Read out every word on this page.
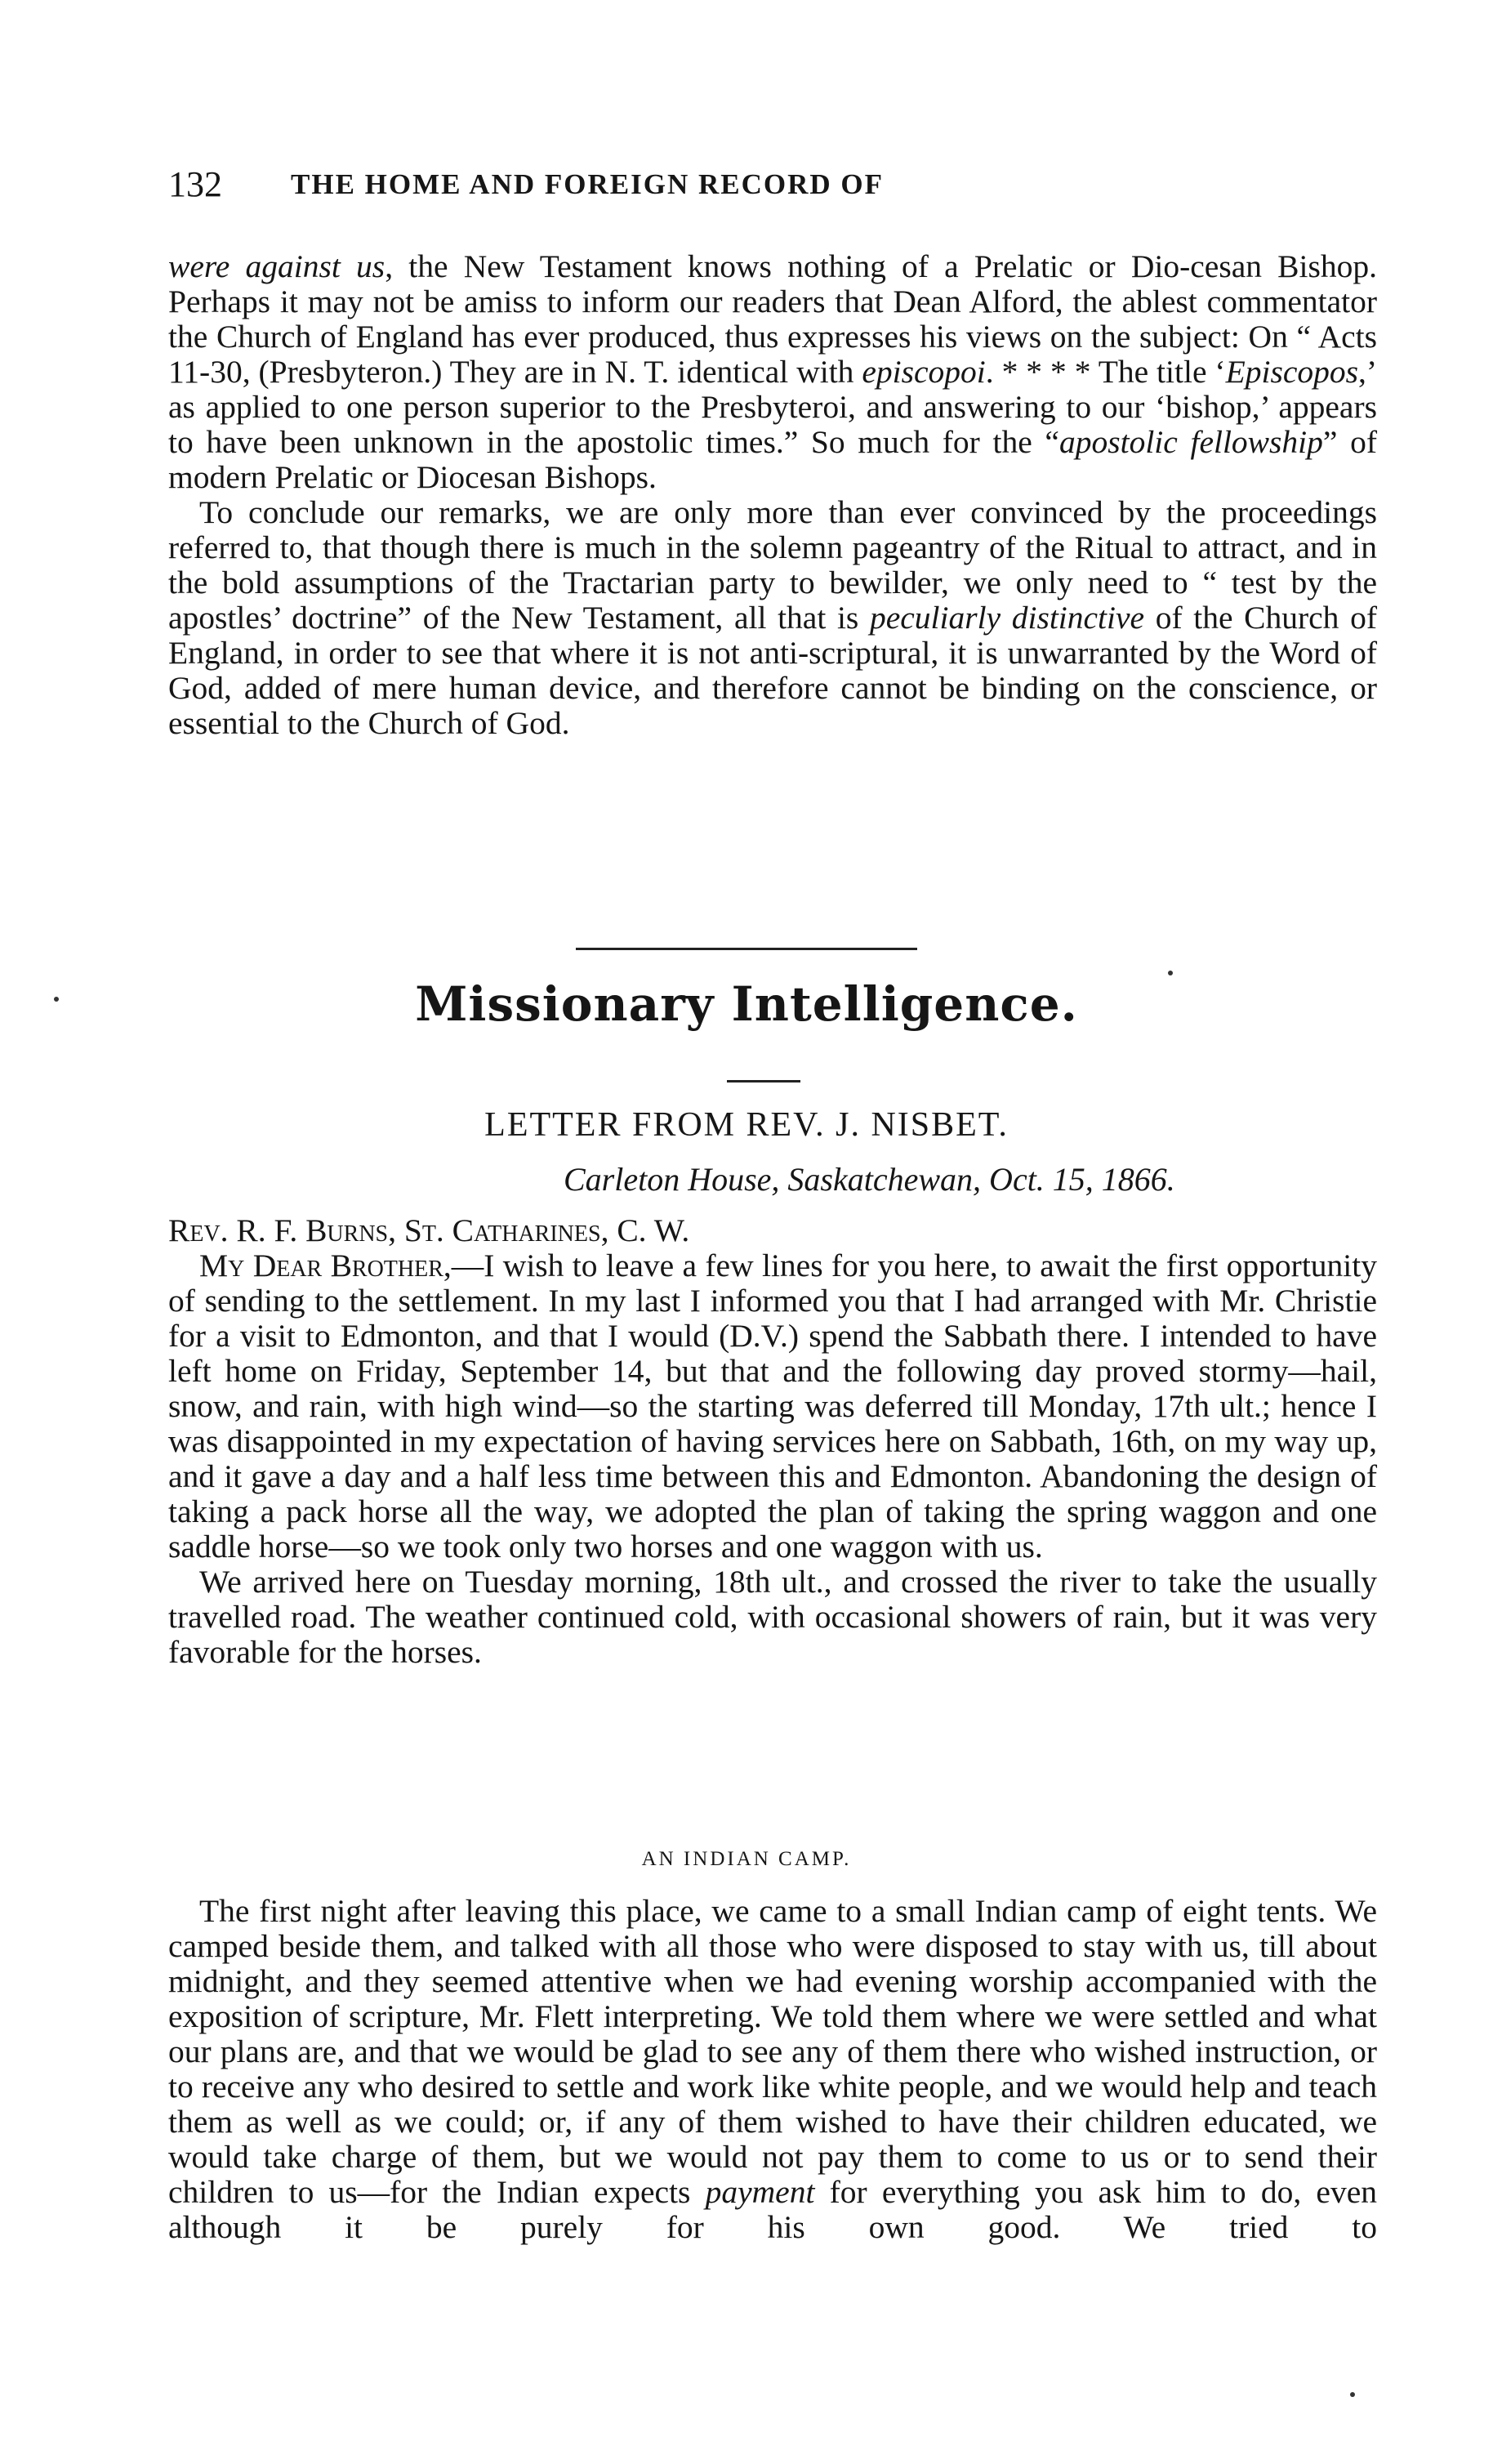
132 THE HOME AND FOREIGN RECORD OF

were against us, the New Testament knows nothing of a Prelatic or Dio-cesan Bishop. Perhaps it may not be amiss to inform our readers that Dean Alford, the ablest commentator the Church of England has ever produced, thus expresses his views on the subject: On “ Acts 11-30, (Presbyteron.) They are in N. T. identical with episcopoi. * * * * The title ‘Episcopos,’ as applied to one person superior to the Presbyteroi, and answering to our ‘bishop,’ appears to have been unknown in the apostolic times.” So much for the “apostolic fellowship” of modern Prelatic or Diocesan Bishops.

To conclude our remarks, we are only more than ever convinced by the proceedings referred to, that though there is much in the solemn pageantry of the Ritual to attract, and in the bold assumptions of the Tractarian party to bewilder, we only need to “ test by the apostles’ doctrine” of the New Testament, all that is peculiarly distinctive of the Church of England, in order to see that where it is not anti-scriptural, it is unwarranted by the Word of God, added of mere human device, and therefore cannot be binding on the conscience, or essential to the Church of God.

Missionary Intelligence.
LETTER FROM REV. J. NISBET.
Carleton House, Saskatchewan, Oct. 15, 1866.

Rev. R. F. Burns, St. Catharines, C. W.

My Dear Brother,—I wish to leave a few lines for you here, to await the first opportunity of sending to the settlement. In my last I informed you that I had arranged with Mr. Christie for a visit to Edmonton, and that I would (D.V.) spend the Sabbath there. I intended to have left home on Friday, September 14, but that and the following day proved stormy—hail, snow, and rain, with high wind—so the starting was deferred till Monday, 17th ult.; hence I was disappointed in my expectation of having services here on Sabbath, 16th, on my way up, and it gave a day and a half less time between this and Edmonton. Abandoning the design of taking a pack horse all the way, we adopted the plan of taking the spring waggon and one saddle horse—so we took only two horses and one waggon with us.

We arrived here on Tuesday morning, 18th ult., and crossed the river to take the usually travelled road. The weather continued cold, with occasional showers of rain, but it was very favorable for the horses.

AN INDIAN CAMP.

The first night after leaving this place, we came to a small Indian camp of eight tents. We camped beside them, and talked with all those who were disposed to stay with us, till about midnight, and they seemed attentive when we had evening worship accompanied with the exposition of scripture, Mr. Flett interpreting. We told them where we were settled and what our plans are, and that we would be glad to see any of them there who wished instruction, or to receive any who desired to settle and work like white people, and we would help and teach them as well as we could; or, if any of them wished to have their children educated, we would take charge of them, but we would not pay them to come to us or to send their children to us—for the Indian expects payment for everything you ask him to do, even although it be purely for his own good. We tried to
